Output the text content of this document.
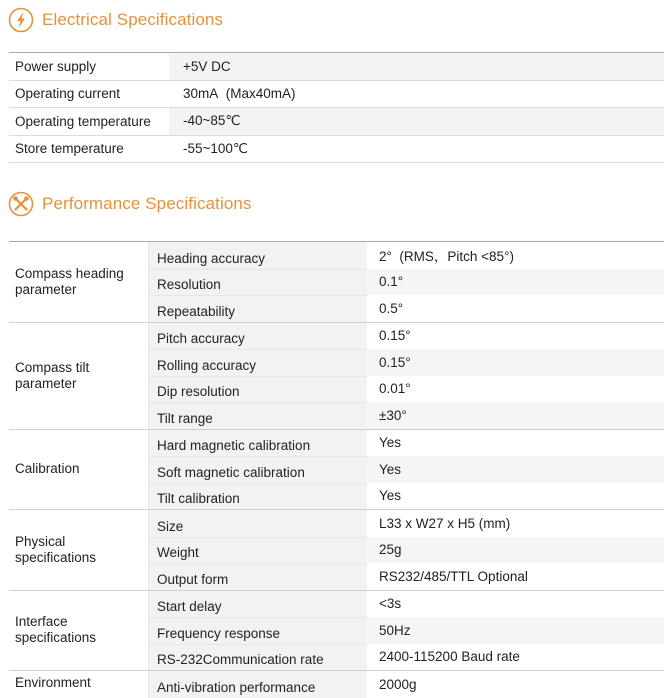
Electrical Specifications
Power supply	+5V DC
Operating current	30mA  (Max40mA)
Operating temperature	-40~85℃
Store temperature	-55~100℃
Performance Specifications
Compass heading parameter
Heading accuracy	2°  (RMS，Pitch <85°)
Resolution	0.1°
Repeatability	0.5°
Compass tilt parameter
Pitch accuracy	0.15°
Rolling accuracy	0.15°
Dip resolution	0.01°
Tilt range	±30°
Calibration
Hard magnetic calibration	Yes
Soft magnetic calibration	Yes
Tilt calibration	Yes
Physical specifications
Size	L33 x W27 x H5 (mm)
Weight	25g
Output form	RS232/485/TTL Optional
Interface specifications
Start delay	<3s
Frequency response	50Hz
RS-232Communication rate	2400-115200 Baud rate
Environment	Anti-vibration performance	2000g
